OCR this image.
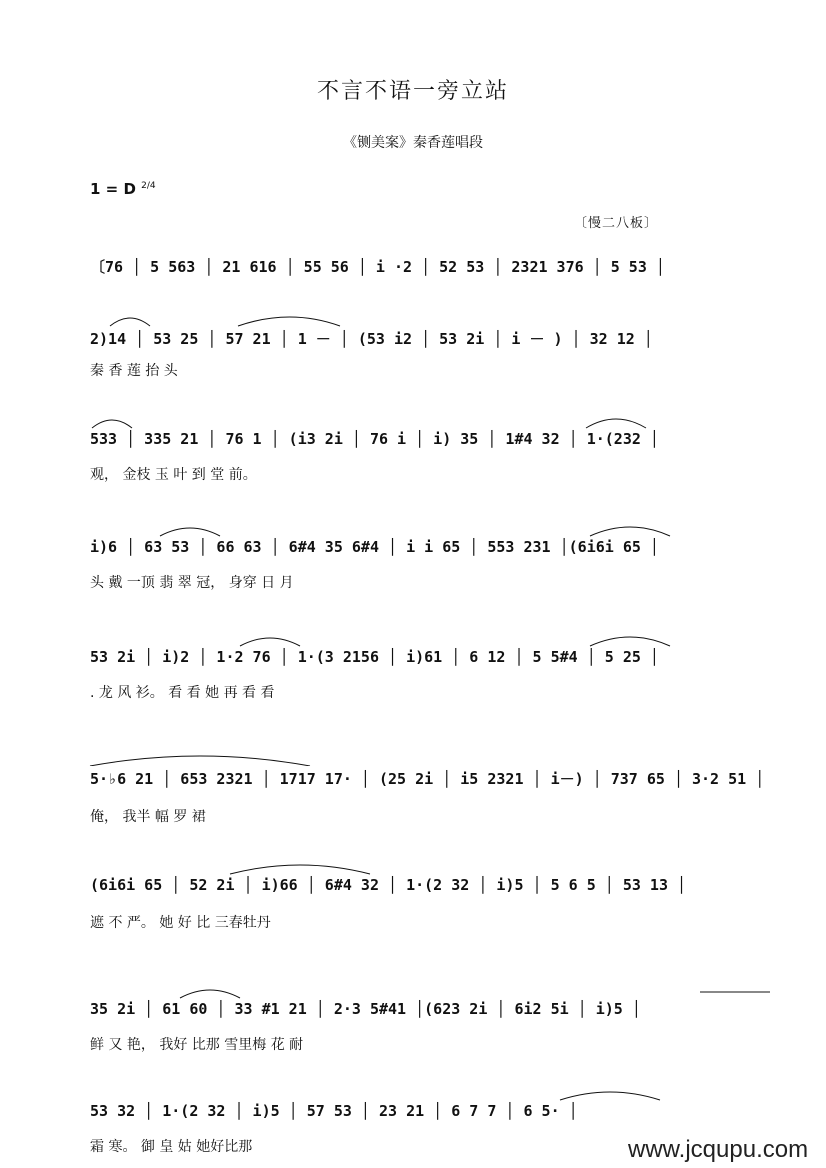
不言不语一旁立站
《铡美案》秦香莲唱段
1 = D $^{2/4}$
〔慢二八板〕
〔76 │ 5 563 │ 21 616 │ 55 56 │ i ·2 │ 52 53 │ 2321 376 │ 5 53 │
2)14 │ 53 25 │ 57 21 │ 1 － │ (53 i2 │ 53 2i │ i － ) │ 32 12 │
秦 香 莲 抬 头
533 │ 335 21 │ 76 1 │ (i3 2i │ 76 i │ i) 35 │ 1#4 32 │ 1·(232 │
观， 金枝 玉 叶 到 堂 前。
i)6 │ 63 53 │ 66 63 │ 6#4 35 6#4 │ i i 65 │ 553 231 │(6i6i 65 │
头 戴 一顶 翡 翠 冠， 身穿 日 月
53 2i │ i)2 │ 1·2 76 │ 1·(3 2156 │ i)61 │ 6 12 │ 5 5#4 │ 5 25 │
. 龙 风 衫。 看 看 她 再 看 看
5·♭6 21 │ 653 2321 │ 1717 17· │ (25 2i │ i5 2321 │ i－) │ 737 65 │ 3·2 51 │
俺， 我半 幅 罗 裙
(6i6i 65 │ 52 2i │ i)66 │ 6#4 32 │ 1·(2 32 │ i)5 │ 5 6 5 │ 53 13 │
遮 不 严。 她 好 比 三春牡丹
35 2i │ 61 60 │ 33 #1 21 │ 2·3 5#41 │(623 2i │ 6i2 5i │ i)5 │
鲜 又 艳， 我好 比那 雪里梅 花 耐
53 32 │ 1·(2 32 │ i)5 │ 57 53 │ 23 21 │ 6 7 7 │ 6 5· │
霜 寒。 御 皇 姑 她好比那	www.jcqupu.com
